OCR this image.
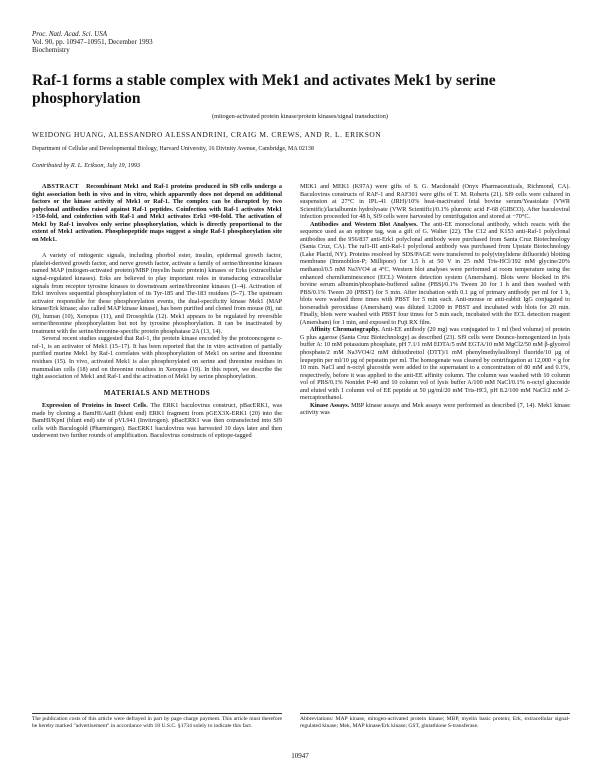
Proc. Natl. Acad. Sci. USA
Vol. 90, pp. 10947–10951, December 1993
Biochemistry
Raf-1 forms a stable complex with Mek1 and activates Mek1 by serine phosphorylation
(mitogen-activated protein kinase/protein kinases/signal transduction)
WEIDONG HUANG, ALESSANDRO ALESSANDRINI, CRAIG M. CREWS, AND R. L. ERIKSON
Department of Cellular and Developmental Biology, Harvard University, 16 Divinity Avenue, Cambridge, MA 02138
Contributed by R. L. Erikson, July 19, 1993

ABSTRACT Recombinant Mek1 and Raf-1 proteins produced in Sf9 cells undergo a tight association both in vivo and in vitro, which apparently does not depend on additional factors or the kinase activity of Mek1 or Raf-1. The complex can be disrupted by two polyclonal antibodies raised against Raf-1 peptides. Coinfection with Raf-1 activates Mek1 >150-fold, and coinfection with Raf-1 and Mek1 activates Erk1 ≈90-fold. The activation of Mek1 by Raf-1 involves only serine phosphorylation, which is directly proportional to the extent of Mek1 activation. Phosphopeptide maps suggest a single Raf-1 phosphorylation site on Mek1.

A variety of mitogenic signals, including phorbol ester, insulin, epidermal growth factor, platelet-derived growth factor, and nerve growth factor, activate a family of serine/threonine kinases named MAP (mitogen-activated protein)/MBP (myelin basic protein) kinases or Erks (extracellular signal-regulated kinases). Erks are believed to play important roles in transducing extracellular signals from receptor tyrosine kinases to downstream serine/threonine kinases (1–4). Activation of Erk1 involves sequential phosphorylation of its Tyr-185 and Thr-183 residues (5–7). The upstream activator responsible for these phosphorylation events, the dual-specificity kinase Mek1 (MAP kinase/Erk kinase; also called MAP kinase kinase), has been purified and cloned from mouse (8), rat (9), human (10), Xenopus (11), and Drosophila (12). Mek1 appears to be regulated by reversible serine/threonine phosphorylation but not by tyrosine phosphorylation. It can be inactivated by treatment with the serine/threonine-specific protein phosphatase 2A (13, 14).

Several recent studies suggested that Raf-1, the protein kinase encoded by the protooncogene c-raf-1, is an activator of Mek1 (15–17). It has been reported that the in vitro activation of partially purified murine Mek1 by Raf-1 correlates with phosphorylation of Mek1 on serine and threonine residues (15). In vivo, activated Mek1 is also phosphorylated on serine and threonine residues in mammalian cells (18) and on threonine residues in Xenopus (19). In this report, we describe the tight association of Mek1 and Raf-1 and the activation of Mek1 by serine phosphorylation.

MATERIALS AND METHODS

Expression of Proteins in Insect Cells. The ERK1 baculovirus construct, pBacERK1, was made by cloning a BamHI/AatII (blunt end) ERK1 fragment from pGEX3X-ERK1 (20) into the BamHI/KpnI (blunt end) site of pVL941 (Invitrogen). pBacERK1 was then cotransfected into Sf9 cells with Baculogold (Pharmingen). BacERK1 baculovirus was harvested 10 days later and then underwent two further rounds of amplification. Baculovirus constructs of epitope-tagged

MEK1 and MEK1 (K97A) were gifts of S. G. Macdonald (Onyx Pharmaceuticals, Richmond, CA). Baculovirus constructs of RAF-1 and RAF301 were gifts of T. M. Roberts (21). Sf9 cells were cultured in suspension at 27°C in IPL-41 (JRH)/10% heat-inactivated fetal bovine serum/Yeastolate (VWR Scientific)/lactalbumin hydrolysate (VWR Scientific)/0.1% pluronic acid F-68 (GIBCO). After baculoviral infection proceeded for 48 h, Sf9 cells were harvested by centrifugation and stored at −70°C.

Antibodies and Western Blot Analyses. The anti-EE monoclonal antibody, which reacts with the sequence used as an epitope tag, was a gift of G. Walter (22). The C12 and K153 anti-Raf-1 polyclonal antibodies and the 956/837 anti-Erk1 polyclonal antibody were purchased from Santa Cruz Biotechnology (Santa Cruz, CA). The raf1-III anti-Raf-1 polyclonal antibody was purchased from Upstate Biotechnology (Lake Placid, NY). Proteins resolved by SDS/PAGE were transferred to poly(vinylidene difluoride) blotting membrane (Immobilon-P; Millipore) for 1.5 h at 50 V in 25 mM Tris-HCl/192 mM glycine/20% methanol/0.5 mM Na3VO4 at 4°C. Western blot analyses were performed at room temperature using the enhanced chemiluminescence (ECL) Western detection system (Amersham). Blots were blocked in 8% bovine serum albumin/phosphate-buffered saline (PBS)/0.1% Tween 20 for 1 h and then washed with PBS/0.1% Tween 20 (PBST) for 5 min. After incubation with 0.1 µg of primary antibody per ml for 1 h, blots were washed three times with PBST for 5 min each. Anti-mouse or anti-rabbit IgG conjugated to horseradish peroxidase (Amersham) was diluted 1:2000 in PBST and incubated with blots for 20 min. Finally, blots were washed with PBST four times for 5 min each, incubated with the ECL detection reagent (Amersham) for 1 min, and exposed to Fuji RX film.

Affinity Chromatography. Anti-EE antibody (20 mg) was conjugated to 1 ml (bed volume) of protein G plus agarose (Santa Cruz Biotechnology) as described (23). Sf9 cells were Dounce-homogenized in lysis buffer A: 10 mM potassium phosphate, pH 7.1/1 mM EDTA/5 mM EGTA/10 mM MgCl2/50 mM β-glycerol phosphate/2 mM Na3VO4/2 mM dithiothreitol (DTT)/1 mM phenylmethylsulfonyl fluoride/10 µg of leupeptin per ml/10 µg of pepstatin per ml. The homogenate was cleared by centrifugation at 12,000 × g for 10 min. NaCl and n-octyl glucoside were added to the supernatant to a concentration of 80 mM and 0.1%, respectively, before it was applied to the anti-EE affinity column. The column was washed with 10 column vol of PBS/0.1% Nonidet P-40 and 10 column vol of lysis buffer A/100 mM NaCl/0.1% n-octyl glucoside and eluted with 1 column vol of EE peptide at 50 µg/ml/20 mM Tris-HCl, pH 8.2/100 mM NaCl/2 mM 2-mercaptoethanol.

Kinase Assays. MBP kinase assays and Mek assays were performed as described (7, 14). Mek1 kinase activity was

The publication costs of this article were defrayed in part by page charge payment. This article must therefore be hereby marked "advertisement" in accordance with 18 U.S.C. §1734 solely to indicate this fact.
Abbreviations: MAP kinase, mitogen-activated protein kinase; MBP, myelin basic protein; Erk, extracellular signal-regulated kinase; Mek, MAP kinase/Erk kinase; GST, glutathione S-transferase.
10947
